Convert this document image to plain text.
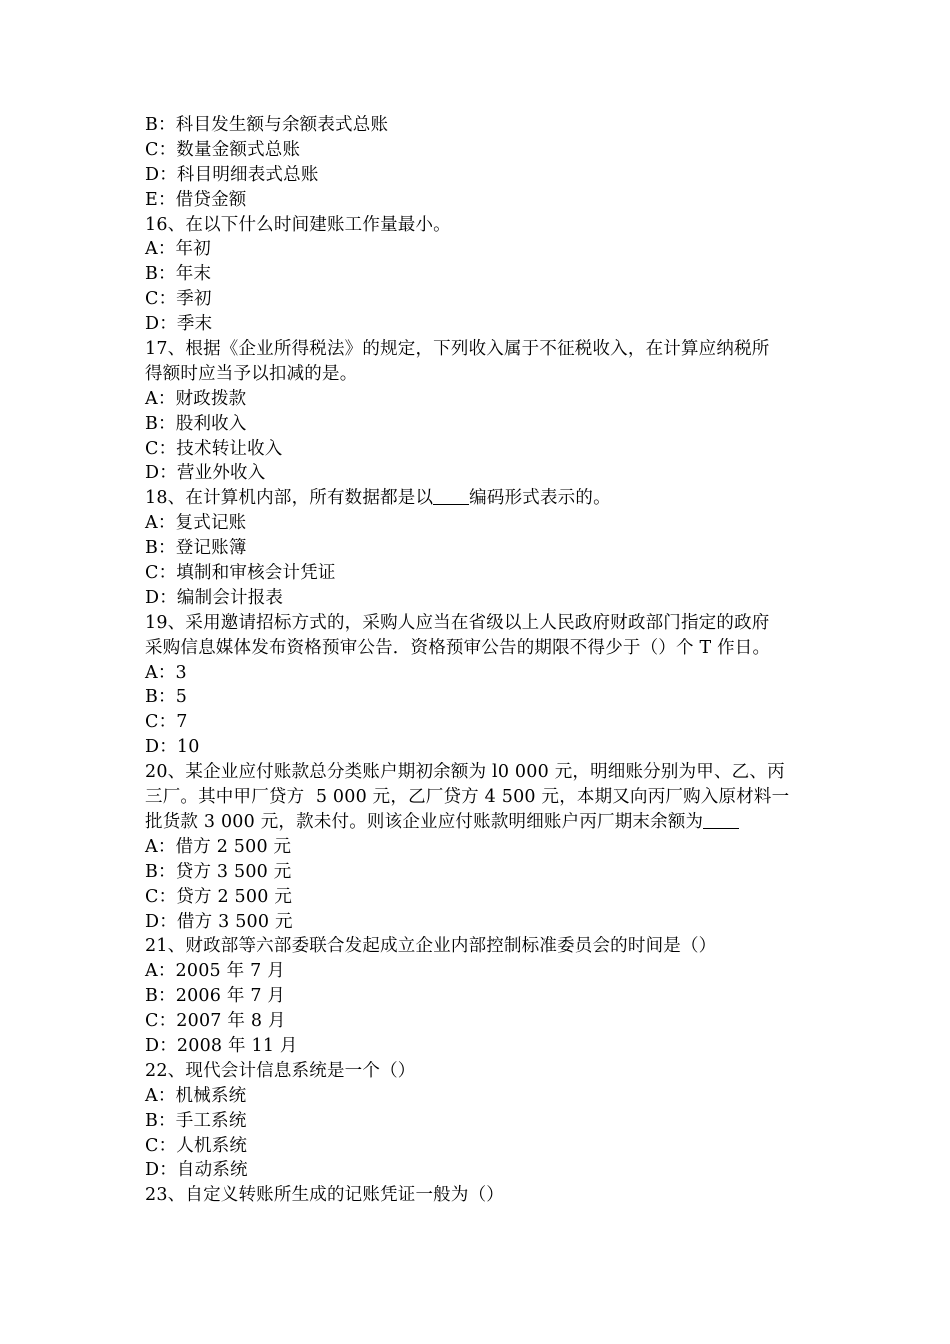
B：科目发生额与余额表式总账
C：数量金额式总账
D：科目明细表式总账
E：借贷金额
16、在以下什么时间建账工作量最小。
A：年初
B：年末
C：季初
D：季末
17、根据《企业所得税法》的规定，下列收入属于不征税收入，在计算应纳税所
得额时应当予以扣减的是。
A：财政拨款
B：股利收入
C：技术转让收入
D：营业外收入
18、在计算机内部，所有数据都是以 编码形式表示的。
A：复式记账
B：登记账簿
C：填制和审核会计凭证
D：编制会计报表
19、采用邀请招标方式的，采购人应当在省级以上人民政府财政部门指定的政府
采购信息媒体发布资格预审公告．资格预审公告的期限不得少于（）个 T 作日。
A：3
B：5
C：7
D：10
20、某企业应付账款总分类账户期初余额为 l0 000 元，明细账分别为甲、乙、丙
三厂。其中甲厂贷方  5 000 元，乙厂贷方 4 500 元，本期又向丙厂购入原材料一
批货款 3 000 元，款未付。则该企业应付账款明细账户丙厂期末余额为
A：借方 2 500 元
B：贷方 3 500 元
C：贷方 2 500 元
D：借方 3 500 元
21、财政部等六部委联合发起成立企业内部控制标准委员会的时间是（）
A：2005 年 7 月
B：2006 年 7 月
C：2007 年 8 月
D：2008 年 11 月
22、现代会计信息系统是一个（）
A：机械系统
B：手工系统
C：人机系统
D：自动系统
23、自定义转账所生成的记账凭证一般为（）
